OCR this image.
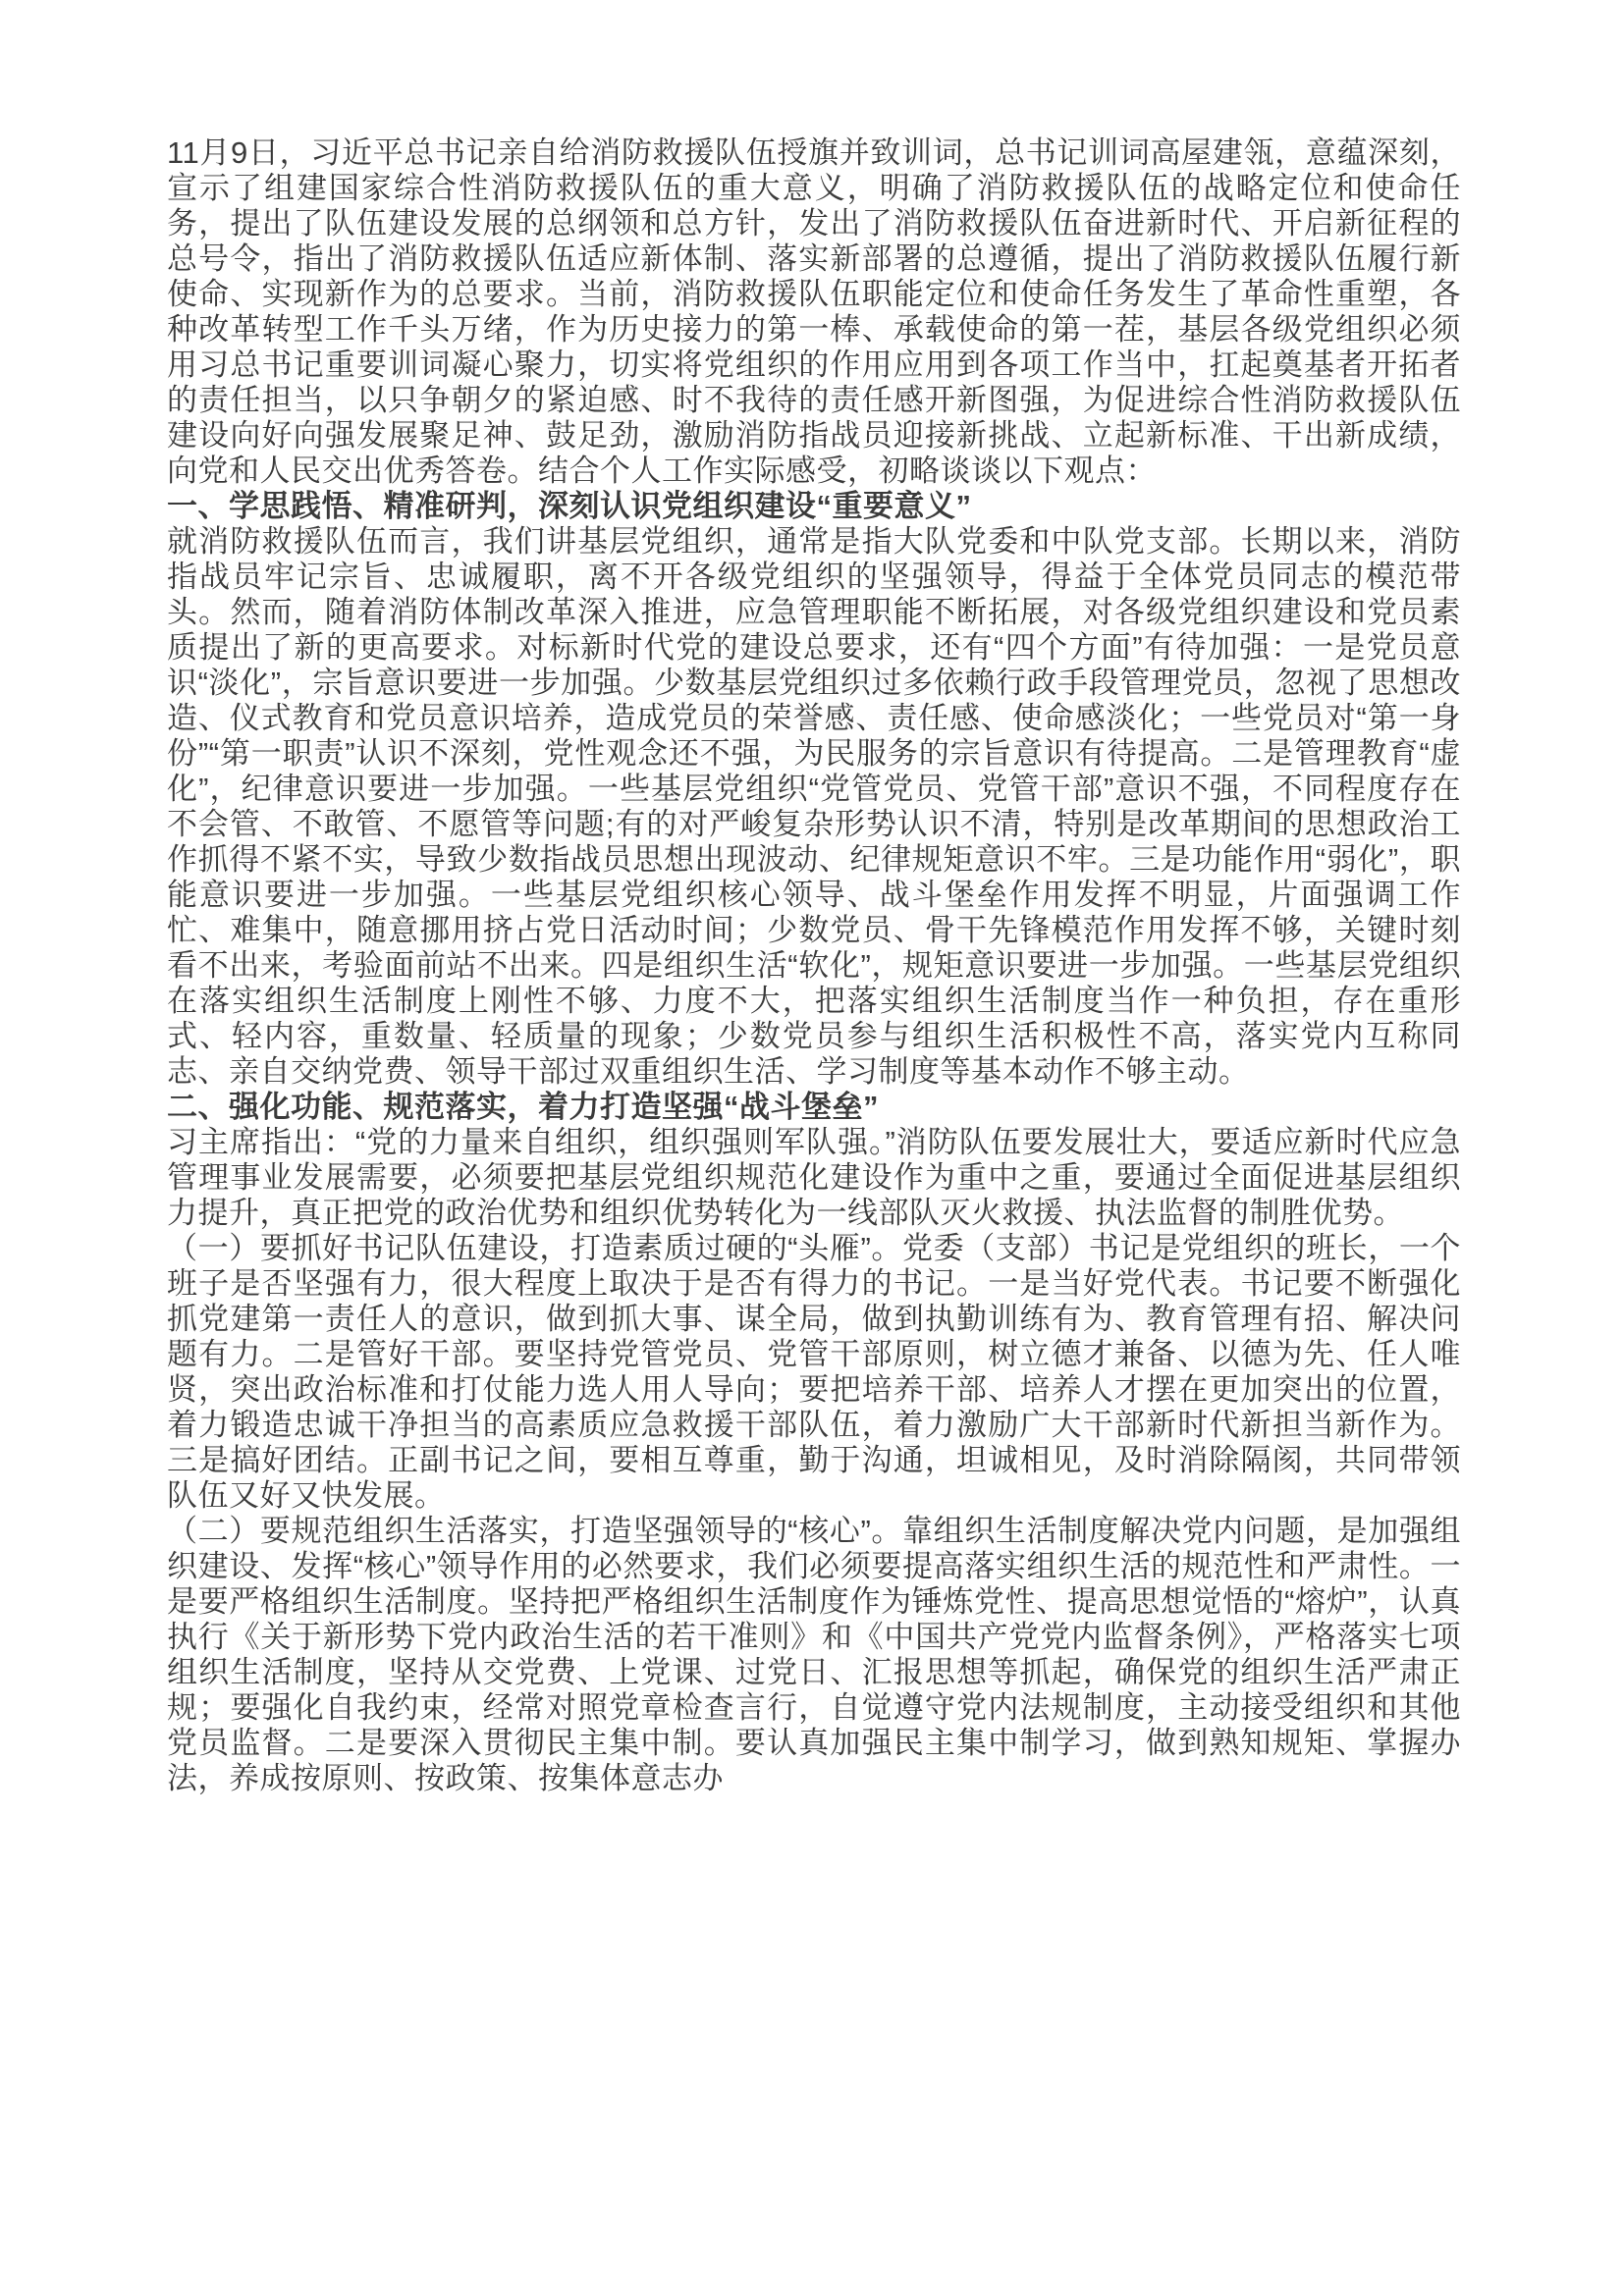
11月9日，习近平总书记亲自给消防救援队伍授旗并致训词，总书记训词高屋建瓴，意蕴深刻，宣示了组建国家综合性消防救援队伍的重大意义，明确了消防救援队伍的战略定位和使命任务，提出了队伍建设发展的总纲领和总方针，发出了消防救援队伍奋进新时代、开启新征程的总号令，指出了消防救援队伍适应新体制、落实新部署的总遵循，提出了消防救援队伍履行新使命、实现新作为的总要求。当前，消防救援队伍职能定位和使命任务发生了革命性重塑，各种改革转型工作千头万绪，作为历史接力的第一棒、承载使命的第一茬，基层各级党组织必须用习总书记重要训词凝心聚力，切实将党组织的作用应用到各项工作当中，扛起奠基者开拓者的责任担当，以只争朝夕的紧迫感、时不我待的责任感开新图强，为促进综合性消防救援队伍建设向好向强发展聚足神、鼓足劲，激励消防指战员迎接新挑战、立起新标准、干出新成绩，向党和人民交出优秀答卷。结合个人工作实际感受，初略谈谈以下观点：

一、学思践悟、精准研判，深刻认识党组织建设“重要意义”

就消防救援队伍而言，我们讲基层党组织，通常是指大队党委和中队党支部。长期以来，消防指战员牢记宗旨、忠诚履职，离不开各级党组织的坚强领导，得益于全体党员同志的模范带头。然而，随着消防体制改革深入推进，应急管理职能不断拓展，对各级党组织建设和党员素质提出了新的更高要求。对标新时代党的建设总要求，还有“四个方面”有待加强：一是党员意识“淡化”，宗旨意识要进一步加强。少数基层党组织过多依赖行政手段管理党员，忽视了思想改造、仪式教育和党员意识培养，造成党员的荣誉感、责任感、使命感淡化；一些党员对“第一身份”“第一职责”认识不深刻，党性观念还不强，为民服务的宗旨意识有待提高。二是管理教育“虚化”，纪律意识要进一步加强。一些基层党组织“党管党员、党管干部”意识不强，不同程度存在不会管、不敢管、不愿管等问题;有的对严峻复杂形势认识不清，特别是改革期间的思想政治工作抓得不紧不实，导致少数指战员思想出现波动、纪律规矩意识不牢。三是功能作用“弱化”，职能意识要进一步加强。一些基层党组织核心领导、战斗堡垒作用发挥不明显，片面强调工作忙、难集中，随意挪用挤占党日活动时间；少数党员、骨干先锋模范作用发挥不够，关键时刻看不出来，考验面前站不出来。四是组织生活“软化”，规矩意识要进一步加强。一些基层党组织在落实组织生活制度上刚性不够、力度不大，把落实组织生活制度当作一种负担，存在重形式、轻内容，重数量、轻质量的现象；少数党员参与组织生活积极性不高，落实党内互称同志、亲自交纳党费、领导干部过双重组织生活、学习制度等基本动作不够主动。

二、强化功能、规范落实，着力打造坚强“战斗堡垒”

习主席指出：“党的力量来自组织，组织强则军队强。”消防队伍要发展壮大，要适应新时代应急管理事业发展需要，必须要把基层党组织规范化建设作为重中之重，要通过全面促进基层组织力提升，真正把党的政治优势和组织优势转化为一线部队灭火救援、执法监督的制胜优势。

（一）要抓好书记队伍建设，打造素质过硬的“头雁”。党委（支部）书记是党组织的班长，一个班子是否坚强有力，很大程度上取决于是否有得力的书记。一是当好党代表。书记要不断强化抓党建第一责任人的意识，做到抓大事、谋全局，做到执勤训练有为、教育管理有招、解决问题有力。二是管好干部。要坚持党管党员、党管干部原则，树立德才兼备、以德为先、任人唯贤，突出政治标准和打仗能力选人用人导向；要把培养干部、培养人才摆在更加突出的位置，着力锻造忠诚干净担当的高素质应急救援干部队伍，着力激励广大干部新时代新担当新作为。三是搞好团结。正副书记之间，要相互尊重，勤于沟通，坦诚相见，及时消除隔阂，共同带领队伍又好又快发展。

（二）要规范组织生活落实，打造坚强领导的“核心”。靠组织生活制度解决党内问题，是加强组织建设、发挥“核心”领导作用的必然要求，我们必须要提高落实组织生活的规范性和严肃性。一是要严格组织生活制度。坚持把严格组织生活制度作为锤炼党性、提高思想觉悟的“熔炉”，认真执行《关于新形势下党内政治生活的若干准则》和《中国共产党党内监督条例》，严格落实七项组织生活制度，坚持从交党费、上党课、过党日、汇报思想等抓起，确保党的组织生活严肃正规；要强化自我约束，经常对照党章检查言行，自觉遵守党内法规制度，主动接受组织和其他党员监督。二是要深入贯彻民主集中制。要认真加强民主集中制学习，做到熟知规矩、掌握办法，养成按原则、按政策、按集体意志办
